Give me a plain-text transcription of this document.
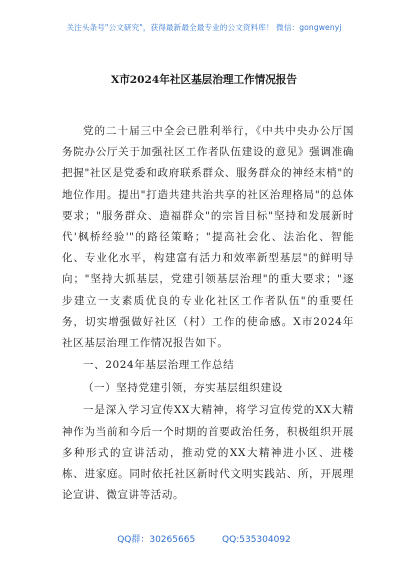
关注头条号"公文研究"，获得最新最全最专业的公文资料库！ 微信：gongwenyj
X市2024年社区基层治理工作情况报告

党的二十届三中全会已胜利举行，《中共中央办公厅国务院办公厅关于加强社区工作者队伍建设的意见》强调准确把握"社区是党委和政府联系群众、服务群众的神经末梢"的地位作用。提出"打造共建共治共享的社区治理格局"的总体要求；"服务群众、造福群众"的宗旨目标"坚持和发展新时代'枫桥经验'"的路径策略；"提高社会化、法治化、智能化、专业化水平，构建富有活力和效率新型基层"的鲜明导向；"坚持大抓基层，党建引领基层治理"的重大要求；"逐步建立一支素质优良的专业化社区工作者队伍"的重要任务，切实增强做好社区（村）工作的使命感。X市2024年社区基层治理工作情况报告如下。

一、2024年基层治理工作总结

（一）坚持党建引领，夯实基层组织建设

一是深入学习宣传XX大精神，将学习宣传党的XX大精神作为当前和今后一个时期的首要政治任务，积极组织开展多种形式的宣讲活动，推动党的XX大精神进小区、进楼栋、进家庭。同时依托社区新时代文明实践站、所，开展理论宣讲、微宣讲等活动。

QQ群：30265665	QQ:535304092
